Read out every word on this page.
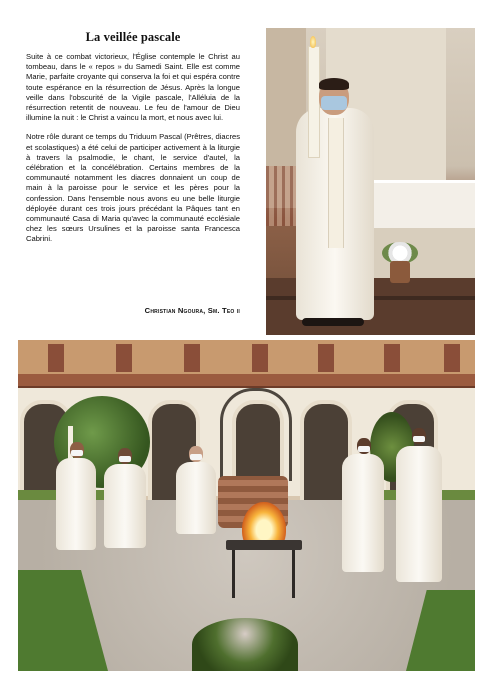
La veillée pascale

Suite à ce combat victorieux, l'Église contemple le Christ au tombeau, dans le « repos » du Samedi Saint. Elle est comme Marie, parfaite croyante qui conserva la foi et qui espéra contre toute espérance en la résurrection de Jésus. Après la longue veille dans l'obscurité de la Vigile pascale, l'Alléluia de la résurrection retentit de nouveau. Le feu de l'amour de Dieu illumine la nuit : le Christ a vaincu la mort, et nous avec lui.

Notre rôle durant ce temps du Triduum Pascal (Prêtres, diacres et scolastiques) a été celui de participer activement à la liturgie à travers la psalmodie, le chant, le service d'autel, la célébration et la concélébration. Certains membres de la communauté notamment les diacres donnaient un coup de main à la paroisse pour le service et les pères pour la confession. Dans l'ensemble nous avons eu une belle liturgie déployée durant ces trois jours précédant la Pâques tant en communauté Casa di Maria qu'avec la communauté ecclésiale chez les sœurs Ursulines et la paroisse santa Francesca Cabrini.

Christian Ngoura, Sm. Teo ii
